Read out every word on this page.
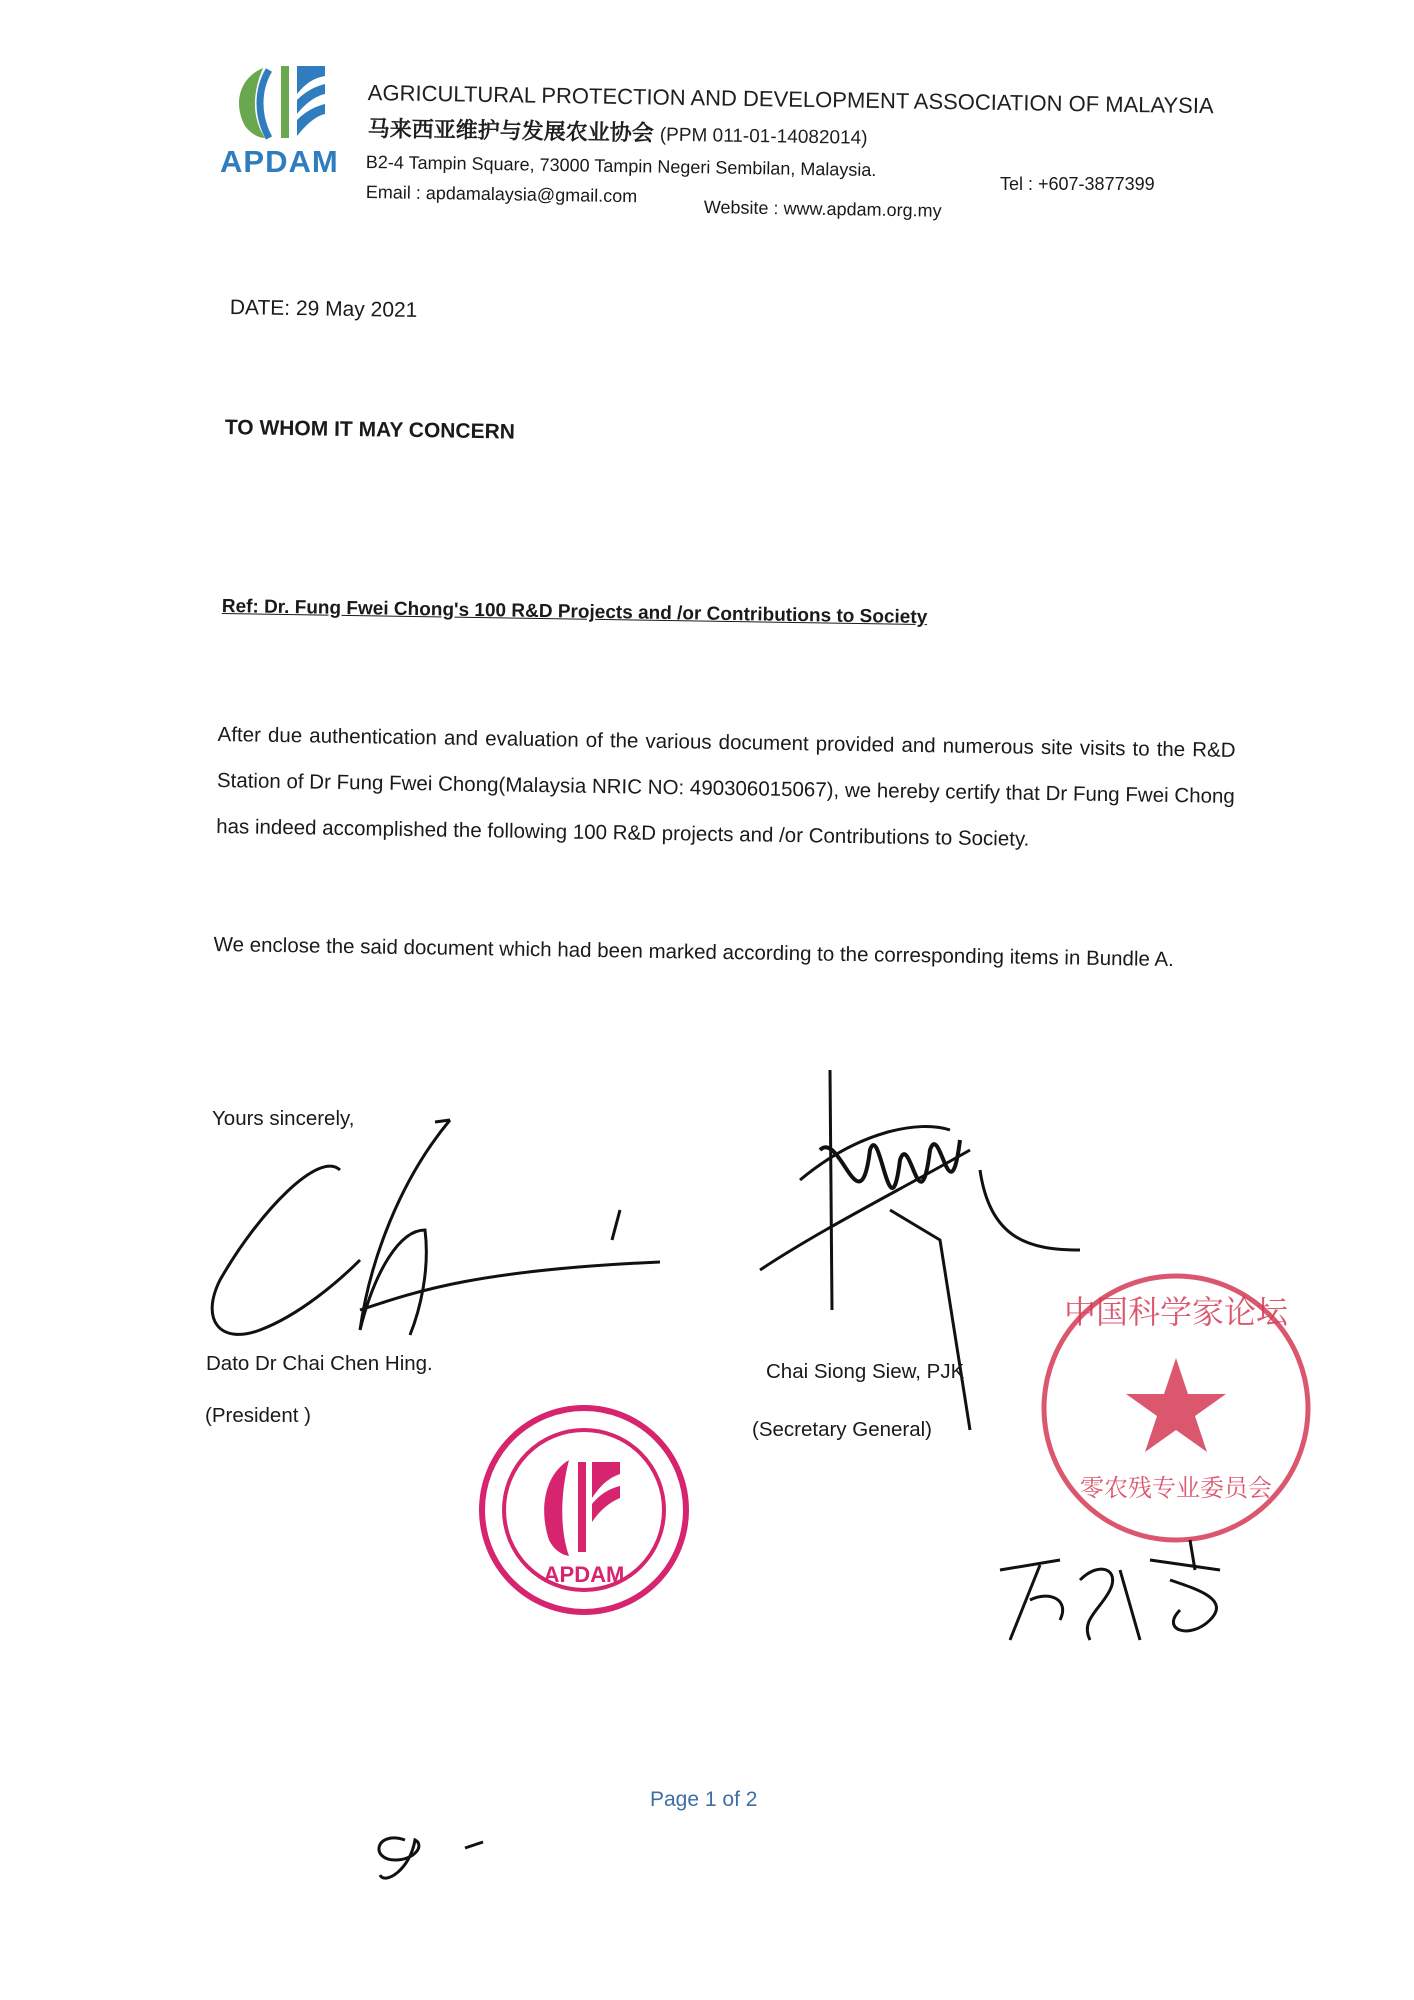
APDAM
AGRICULTURAL PROTECTION AND DEVELOPMENT ASSOCIATION OF MALAYSIA
马来西亚维护与发展农业协会 (PPM 011-01-14082014)
B2-4 Tampin Square, 73000 Tampin Negeri Sembilan, Malaysia.
Tel : +607-3877399
Email : apdamalaysia@gmail.com
Website : www.apdam.org.my
DATE: 29 May 2021
TO WHOM IT MAY CONCERN
Ref: Dr. Fung Fwei Chong's 100 R&D Projects and /or Contributions to Society
After due authentication and evaluation of the various document provided and numerous site visits to the R&D Station of Dr Fung Fwei Chong(Malaysia NRIC NO: 490306015067), we hereby certify that Dr Fung Fwei Chong has indeed accomplished the following 100 R&D projects and /or Contributions to Society.
We enclose the said document which had been marked according to the corresponding items in Bundle A.
Yours sincerely,
Dato Dr Chai Chen Hing.
(President )
Chai Siong Siew, PJK
(Secretary General)
APDAM
中国科学家论坛
零农残专业委员会
Page 1 of 2
